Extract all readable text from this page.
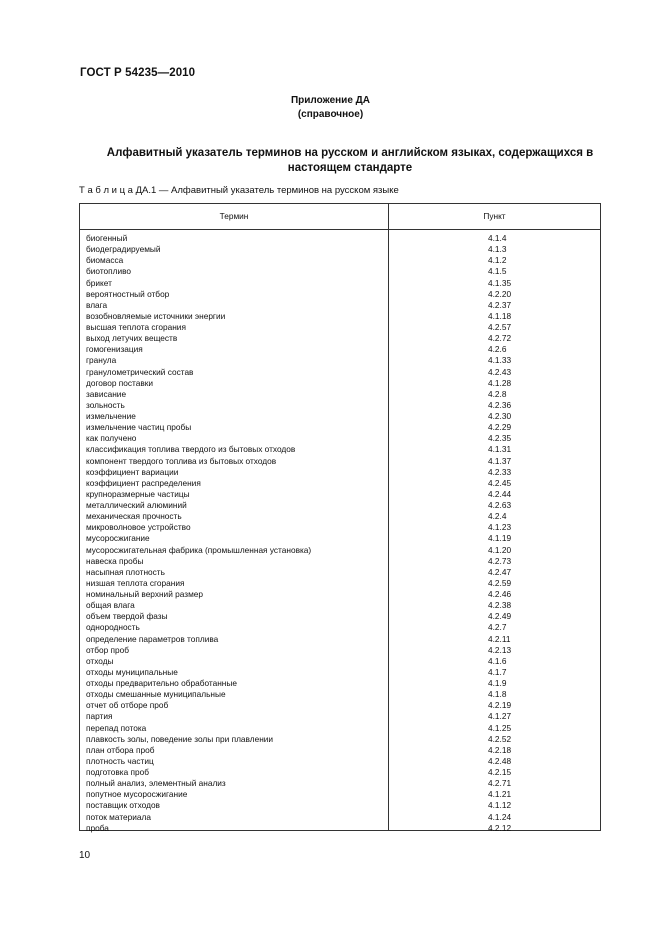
ГОСТ Р 54235—2010
Приложение ДА
(справочное)
Алфавитный указатель терминов на русском и английском языках, содержащихся в настоящем стандарте
Т а б л и ц а ДА.1 — Алфавитный указатель терминов на русском языке
Термин	Пункт
биогенный	4.1.4
биодеградируемый	4.1.3
биомасса	4.1.2
биотопливо	4.1.5
брикет	4.1.35
вероятностный отбор	4.2.20
влага	4.2.37
возобновляемые источники энергии	4.1.18
высшая теплота сгорания	4.2.57
выход летучих веществ	4.2.72
гомогенизация	4.2.6
гранула	4.1.33
гранулометрический состав	4.2.43
договор поставки	4.1.28
зависание	4.2.8
зольность	4.2.36
измельчение	4.2.30
измельчение частиц пробы	4.2.29
как получено	4.2.35
классификация топлива твердого из бытовых отходов	4.1.31
компонент твердого топлива из бытовых отходов	4.1.37
коэффициент вариации	4.2.33
коэффициент распределения	4.2.45
крупноразмерные частицы	4.2.44
металлический алюминий	4.2.63
механическая прочность	4.2.4
микроволновое устройство	4.1.23
мусоросжигание	4.1.19
мусоросжигательная фабрика (промышленная установка)	4.1.20
навеска пробы	4.2.73
насыпная плотность	4.2.47
низшая теплота сгорания	4.2.59
номинальный верхний размер	4.2.46
общая влага	4.2.38
объем твердой фазы	4.2.49
однородность	4.2.7
определение параметров топлива	4.2.11
отбор проб	4.2.13
отходы	4.1.6
отходы муниципальные	4.1.7
отходы предварительно обработанные	4.1.9
отходы смешанные муниципальные	4.1.8
отчет об отборе проб	4.2.19
партия	4.1.27
перепад потока	4.1.25
плавкость золы, поведение золы при плавлении	4.2.52
план отбора проб	4.2.18
плотность частиц	4.2.48
подготовка проб	4.2.15
полный анализ, элементный анализ	4.2.71
попутное мусоросжигание	4.1.21
поставщик отходов	4.1.12
поток материала	4.1.24
проба	4.2.12
10
